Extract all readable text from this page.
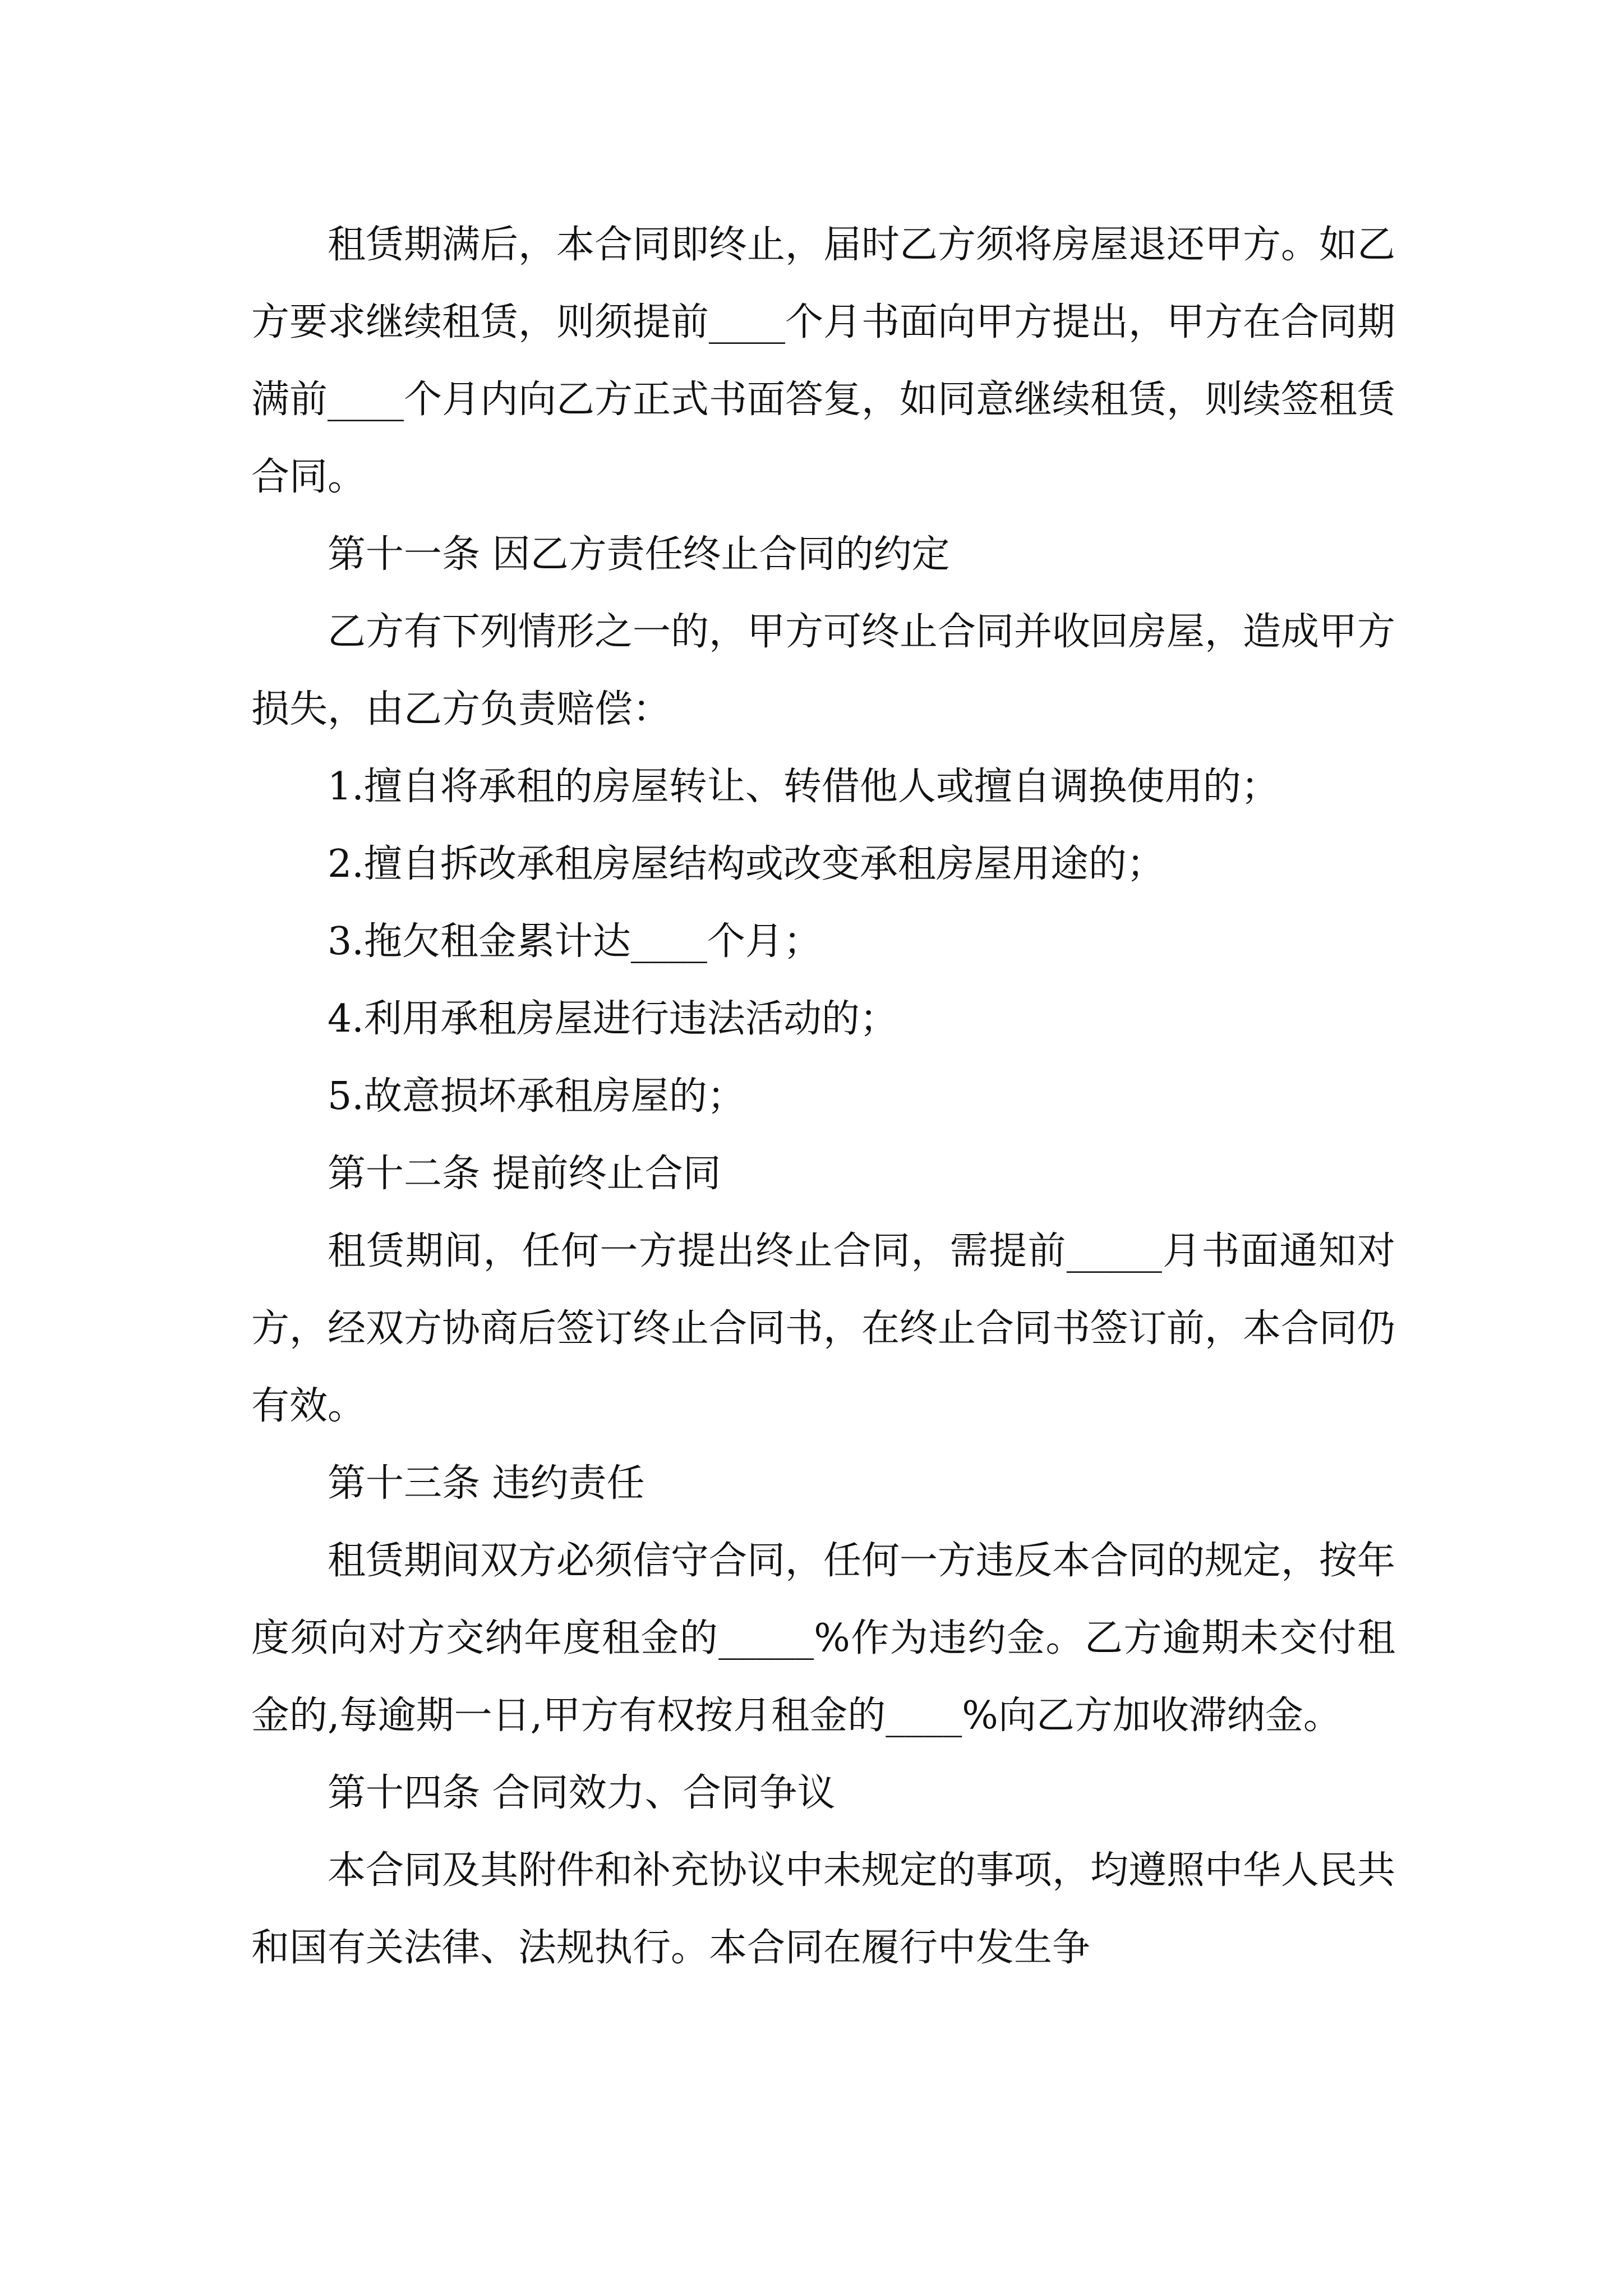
租赁期满后，本合同即终止，届时乙方须将房屋退还甲方。如乙方要求继续租赁，则须提前____个月书面向甲方提出，甲方在合同期满前____个月内向乙方正式书面答复，如同意继续租赁，则续签租赁合同。

第十一条 因乙方责任终止合同的约定

乙方有下列情形之一的，甲方可终止合同并收回房屋，造成甲方损失，由乙方负责赔偿：

1.擅自将承租的房屋转让、转借他人或擅自调换使用的；

2.擅自拆改承租房屋结构或改变承租房屋用途的；

3.拖欠租金累计达____个月；

4.利用承租房屋进行违法活动的；

5.故意损坏承租房屋的；

第十二条 提前终止合同

租赁期间，任何一方提出终止合同，需提前_____月书面通知对方，经双方协商后签订终止合同书，在终止合同书签订前，本合同仍有效。

第十三条 违约责任

租赁期间双方必须信守合同，任何一方违反本合同的规定，按年度须向对方交纳年度租金的_____%作为违约金。乙方逾期未交付租金的,每逾期一日,甲方有权按月租金的____%向乙方加收滞纳金。

第十四条 合同效力、合同争议

本合同及其附件和补充协议中未规定的事项，均遵照中华人民共和国有关法律、法规执行。本合同在履行中发生争
